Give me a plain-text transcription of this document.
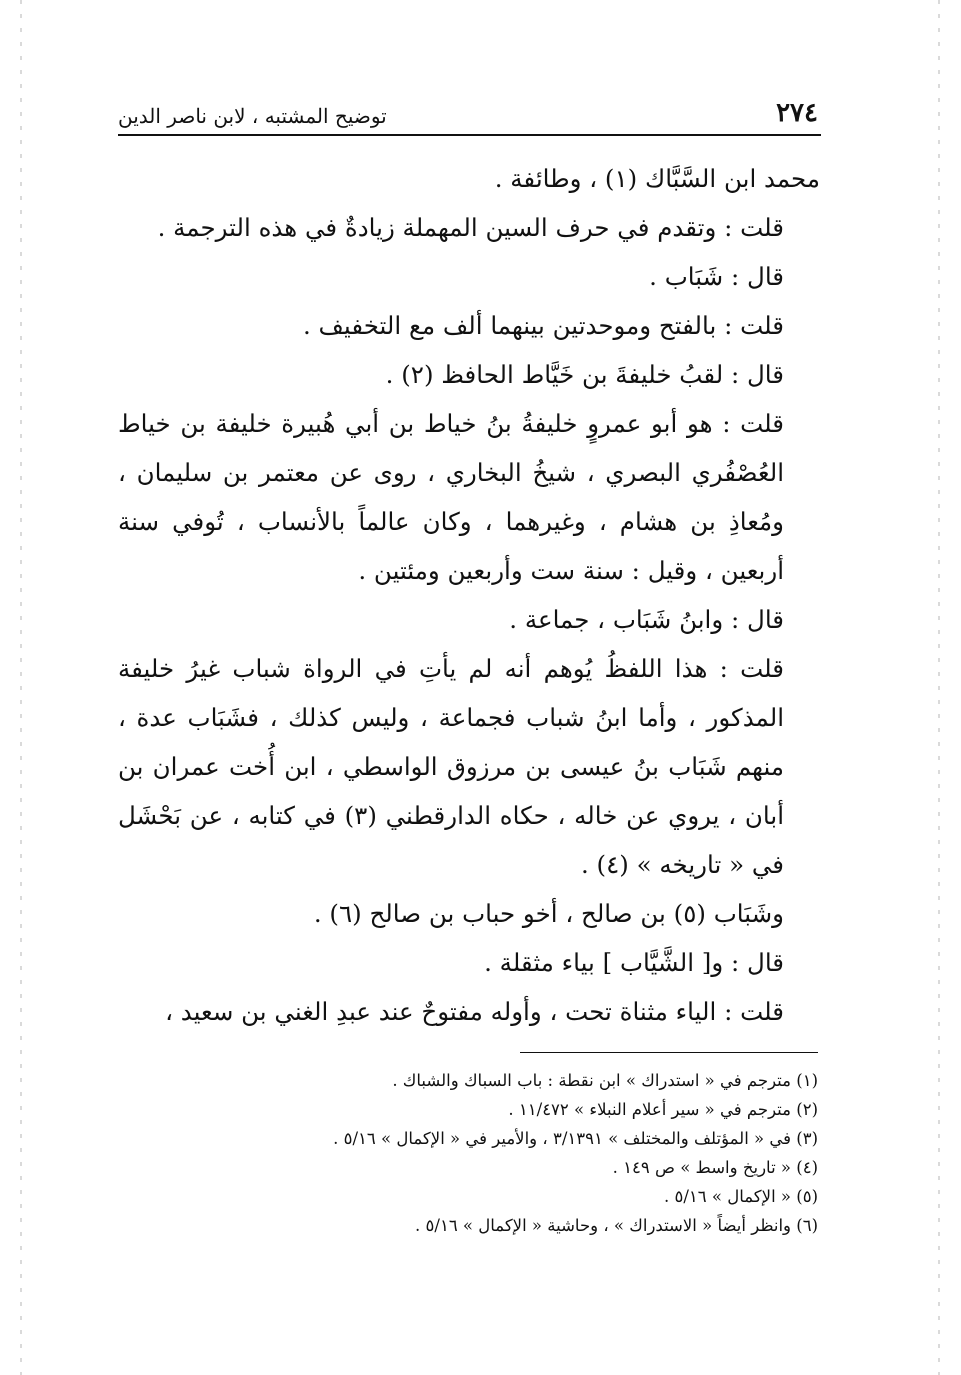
٢٧٤
توضيح المشتبه ، لابن ناصر الدين

محمد ابن السَّبَّاك (١) ، وطائفة .

قلت : وتقدم في حرف السين المهملة زيادةٌ في هذه الترجمة .

قال : شَبَاب .

قلت : بالفتح وموحدتين بينهما ألف مع التخفيف .

قال : لقبُ خليفةَ بن خَيَّاط الحافظ (٢) .

قلت : هو أبو عمروٍ خليفةُ بنُ خياط بن أبي هُبيرة خليفة بن خياط العُصْفُري البصري ، شيخُ البخاري ، روى عن معتمر بن سليمان ، ومُعاذِ بن هشام ، وغيرهما ، وكان عالماً بالأنساب ، تُوفي سنة أربعين ، وقيل : سنة ست وأربعين ومئتين .

قال : وابنُ شَبَاب ، جماعة .

قلت : هذا اللفظُ يُوهم أنه لم يأتِ في الرواة شباب غيرُ خليفة المذكور ، وأما ابنُ شباب فجماعة ، وليس كذلك ، فشَبَاب عدة ، منهم شَبَاب بنُ عيسى بن مرزوق الواسطي ، ابن أُخت عمران بن أبان ، يروي عن خاله ، حكاه الدارقطني (٣) في كتابه ، عن بَحْشَل في « تاريخه » (٤) .

وشَبَاب (٥) بن صالح ، أخو حباب بن صالح (٦) .

قال : و[ الشَّيَّاب ] بياء مثقلة .

قلت : الياء مثناة تحت ، وأوله مفتوحٌ عند عبدِ الغني بن سعيد ،

(١) مترجم في « استدراك » ابن نقطة : باب السباك والشباك .
(٢) مترجم في « سير أعلام النبلاء » ١١/٤٧٢ .
(٣) في « المؤتلف والمختلف » ٣/١٣٩١ ، والأمير في « الإكمال » ٥/١٦ .
(٤) « تاريخ واسط » ص ١٤٩ .
(٥) « الإكمال » ٥/١٦ .
(٦) وانظر أيضاً « الاستدراك » ، وحاشية « الإكمال » ٥/١٦ .
